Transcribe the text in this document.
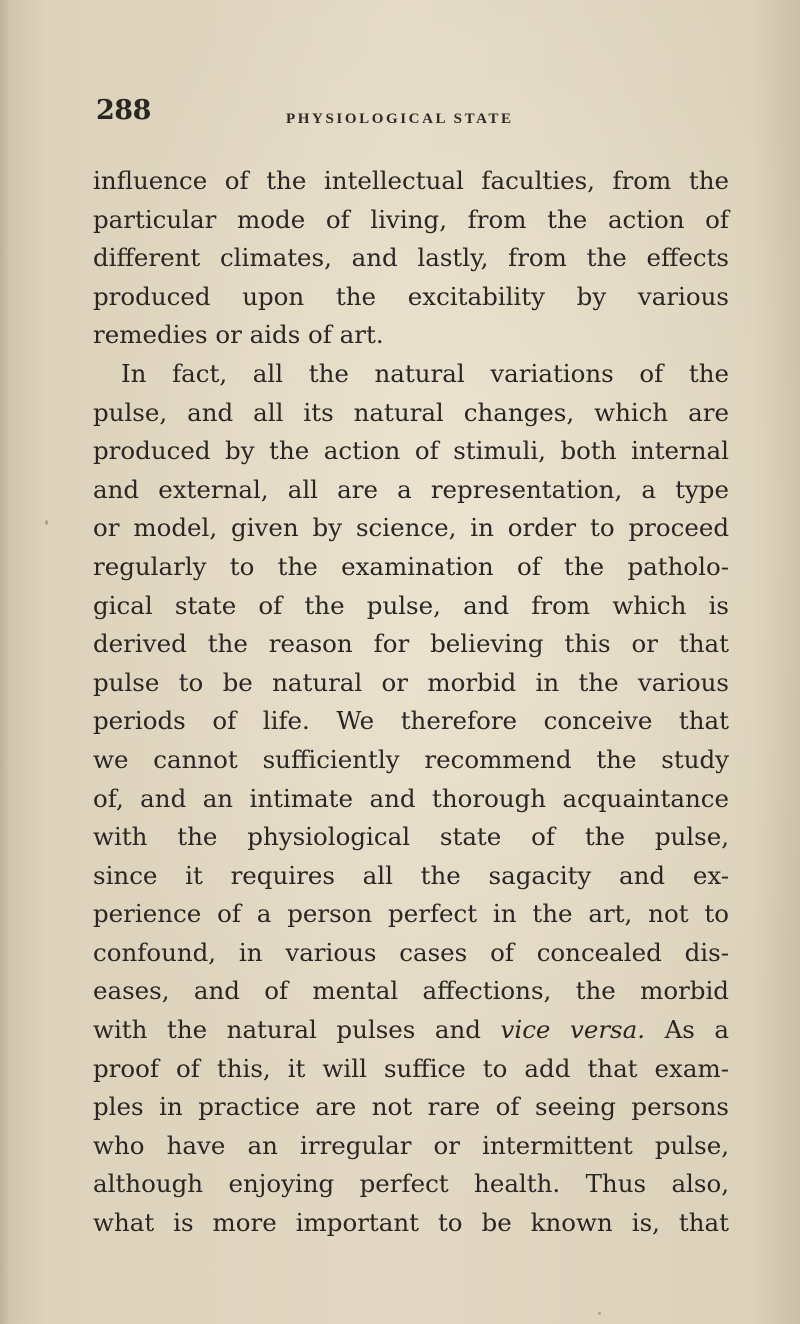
288	PHYSIOLOGICAL STATE
influence of the intellectual faculties, from the
particular mode of living, from the action of
different climates, and lastly, from the effects
produced upon the excitability by various
remedies or aids of art.
In fact, all the natural variations of the
pulse, and all its natural changes, which are
produced by the action of stimuli, both internal
and external, all are a representation, a type
or model, given by science, in order to proceed
regularly to the examination of the patholo-
gical state of the pulse, and from which is
derived the reason for believing this or that
pulse to be natural or morbid in the various
periods of life. We therefore conceive that
we cannot sufficiently recommend the study
of, and an intimate and thorough acquaintance
with the physiological state of the pulse,
since it requires all the sagacity and ex-
perience of a person perfect in the art, not to
confound, in various cases of concealed dis-
eases, and of mental affections, the morbid
with the natural pulses and vice versa. As a
proof of this, it will suffice to add that exam-
ples in practice are not rare of seeing persons
who have an irregular or intermittent pulse,
although enjoying perfect health. Thus also,
what is more important to be known is, that
